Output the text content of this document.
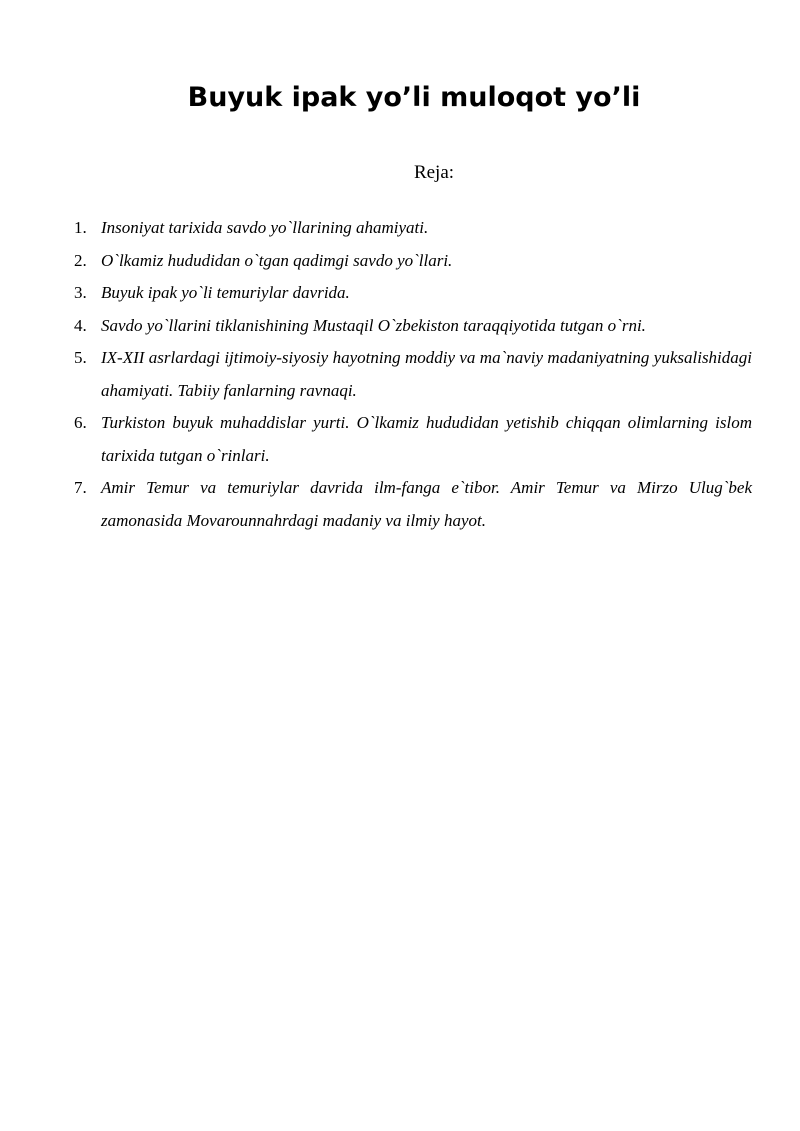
Buyuk ipak yo’li muloqot yo’li
Reja:
1. Insoniyat tarixida savdo yo`llarining ahamiyati.
2. O`lkamiz hududidan o`tgan qadimgi savdo yo`llari.
3. Buyuk ipak yo`li temuriylar davrida.
4. Savdo yo`llarini tiklanishining Mustaqil O`zbekiston taraqqiyotida tutgan o`rni.
5. IX-XII asrlardagi ijtimoiy-siyosiy hayotning moddiy va ma`naviy madaniyatning yuksalishidagi ahamiyati. Tabiiy fanlarning ravnaqi.
6. Turkiston buyuk muhaddislar yurti. O`lkamiz hududidan yetishib chiqqan olimlarning islom tarixida tutgan o`rinlari.
7. Amir Temur va temuriylar davrida ilm-fanga e`tibor. Amir Temur va Mirzo Ulug`bek zamonasida Movarounnahrdagi madaniy va ilmiy hayot.
